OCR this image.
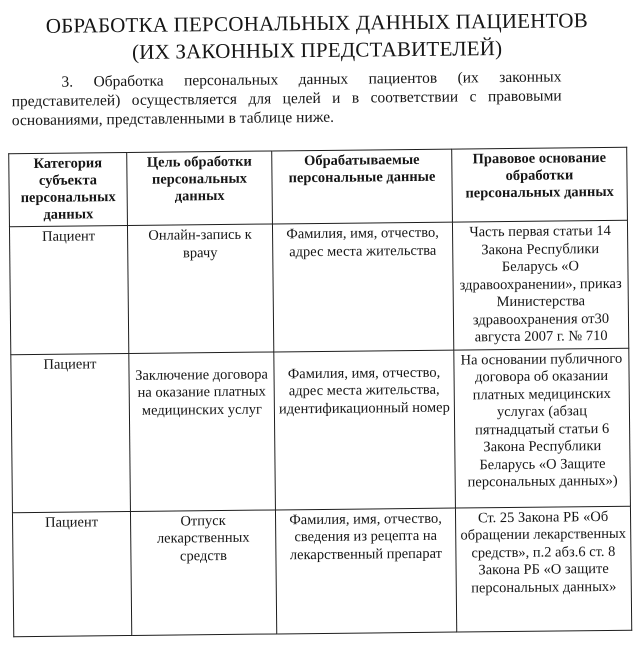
ОБРАБОТКА ПЕРСОНАЛЬНЫХ ДАННЫХ ПАЦИЕНТОВ (ИХ ЗАКОННЫХ ПРЕДСТАВИТЕЛЕЙ)

3. Обработка персональных данных пациентов (их законных представителей) осуществляется для целей и в соответствии с правовыми основаниями, представленными в таблице ниже.

Категория субъекта персональных данных	Цель обработки персональных данных	Обрабатываемые персональные данные	Правовое основание обработки персональных данных
Пациент	Онлайн-запись к врачу	Фамилия, имя, отчество, адрес места жительства	Часть первая статьи 14 Закона Республики Беларусь «О здравоохранении», приказ Министерства здравоохранения от30 августа 2007 г. № 710
Пациент	Заключение договора на оказание платных медицинских услуг	Фамилия, имя, отчество, адрес места жительства, идентификационный номер	На основании публичного договора об оказании платных медицинских услугах (абзац пятнадцатый статьи 6 Закона Республики Беларусь «О Защите персональных данных»)
Пациент	Отпуск лекарственных средств	Фамилия, имя, отчество, сведения из рецепта на лекарственный препарат	Ст. 25 Закона РБ «Об обращении лекарственных средств», п.2 абз.6 ст. 8 Закона РБ «О защите персональных данных»
